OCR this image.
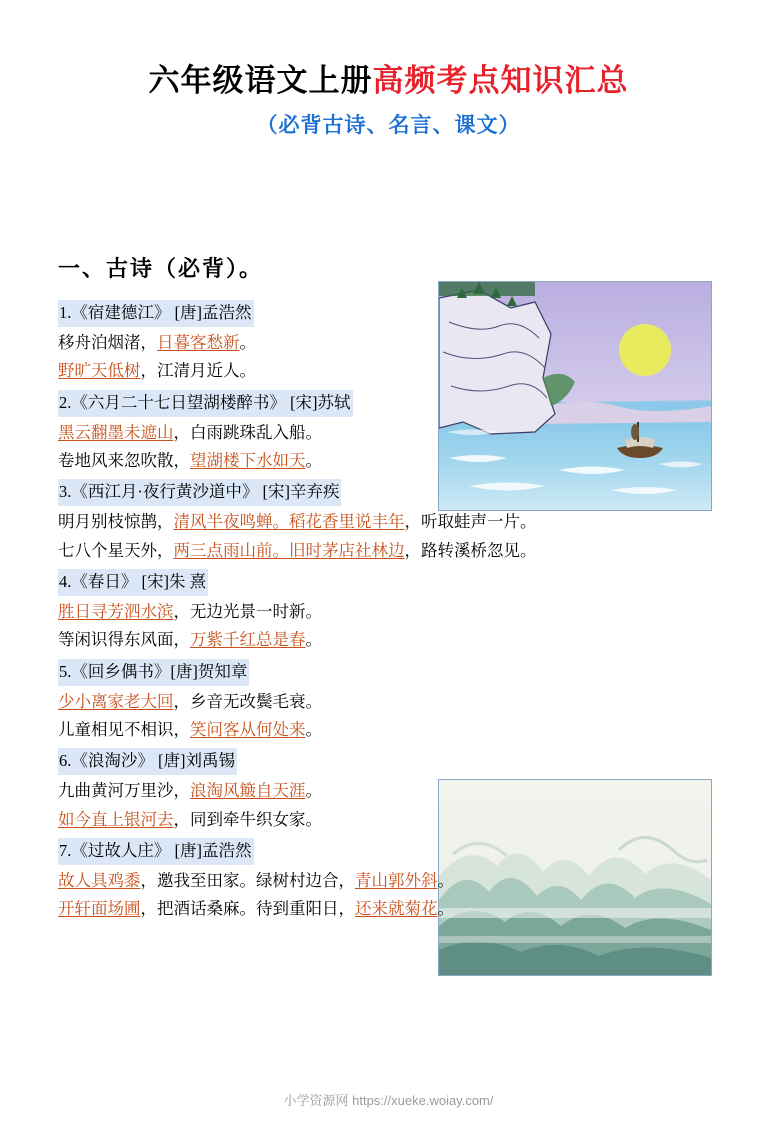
六年级语文上册高频考点知识汇总
（必背古诗、名言、课文）
一、古诗（必背）。
1.《宿建德江》 [唐]孟浩然
移舟泊烟渚，日暮客愁新。
野旷天低树，江清月近人。
2.《六月二十七日望湖楼醉书》 [宋]苏轼
黑云翻墨未遮山，白雨跳珠乱入船。
卷地风来忽吹散，望湖楼下水如天。
3.《西江月·夜行黄沙道中》 [宋]辛弃疾
明月别枝惊鹊，清风半夜鸣蝉。稻花香里说丰年，听取蛙声一片。
七八个星天外，两三点雨山前。旧时茅店社林边，路转溪桥忽见。
4.《春日》 [宋]朱 熹
胜日寻芳泗水滨，无边光景一时新。
等闲识得东风面，万紫千红总是春。
5.《回乡偶书》[唐]贺知章
少小离家老大回，乡音无改鬓毛衰。
儿童相见不相识，笑问客从何处来。
6.《浪淘沙》 [唐]刘禹锡
九曲黄河万里沙，浪淘风簸自天涯。
如今直上银河去，同到牵牛织女家。
7.《过故人庄》 [唐]孟浩然
故人具鸡黍，邀我至田家。绿树村边合，青山郭外斜。
开轩面场圃，把酒话桑麻。待到重阳日，还来就菊花。
小学资源网 https://xueke.woiay.com/
